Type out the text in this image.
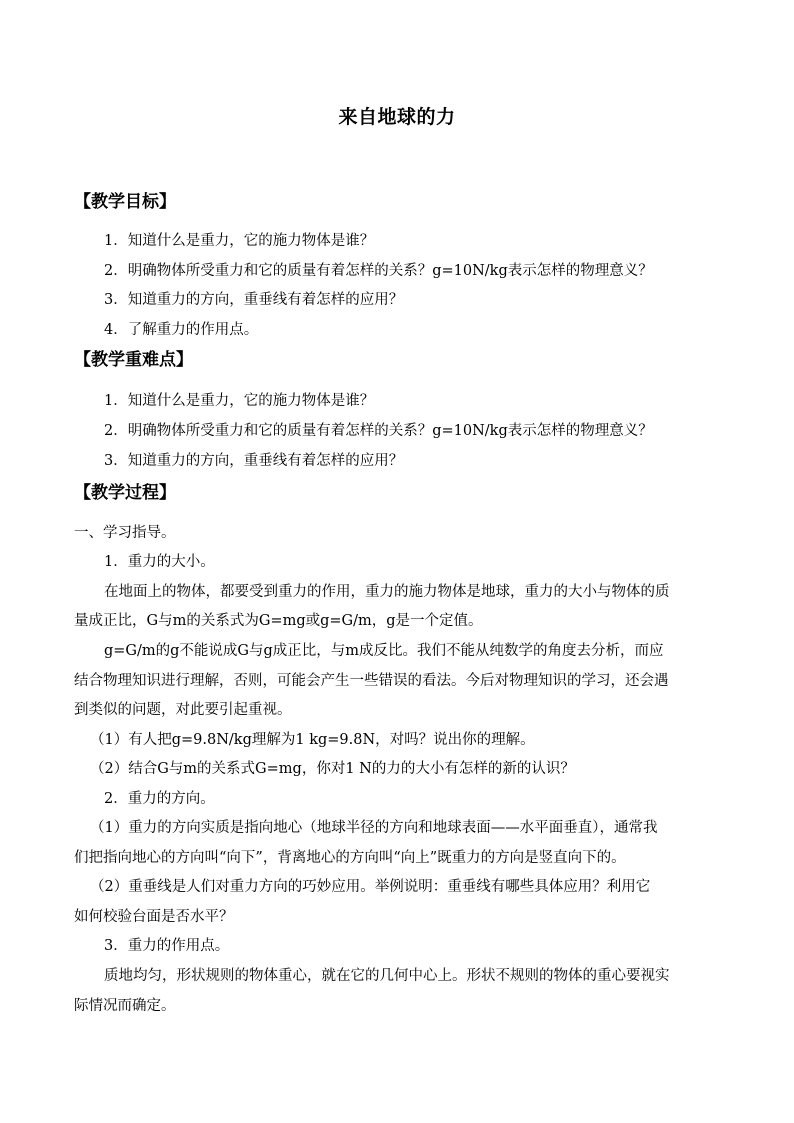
来自地球的力
【教学目标】
1．知道什么是重力，它的施力物体是谁？
2．明确物体所受重力和它的质量有着怎样的关系？g=10N/kg表示怎样的物理意义？
3．知道重力的方向，重垂线有着怎样的应用？
4．了解重力的作用点。
【教学重难点】
1．知道什么是重力，它的施力物体是谁？
2．明确物体所受重力和它的质量有着怎样的关系？g=10N/kg表示怎样的物理意义？
3．知道重力的方向，重垂线有着怎样的应用？
【教学过程】
一、学习指导。
1．重力的大小。
在地面上的物体，都要受到重力的作用，重力的施力物体是地球，重力的大小与物体的质
量成正比，G与m的关系式为G=mg或g=G/m，g是一个定值。
g=G/m的g不能说成G与g成正比，与m成反比。我们不能从纯数学的角度去分析，而应
结合物理知识进行理解，否则，可能会产生一些错误的看法。今后对物理知识的学习，还会遇
到类似的问题，对此要引起重视。
（1）有人把g=9.8N/kg理解为1 kg=9.8N，对吗？说出你的理解。
（2）结合G与m的关系式G=mg，你对1 N的力的大小有怎样的新的认识？
2．重力的方向。
（1）重力的方向实质是指向地心（地球半径的方向和地球表面——水平面垂直），通常我
们把指向地心的方向叫“向下”，背离地心的方向叫“向上”既重力的方向是竖直向下的。
（2）重垂线是人们对重力方向的巧妙应用。举例说明：重垂线有哪些具体应用？利用它
如何校验台面是否水平？
3．重力的作用点。
质地均匀，形状规则的物体重心，就在它的几何中心上。形状不规则的物体的重心要视实
际情况而确定。
